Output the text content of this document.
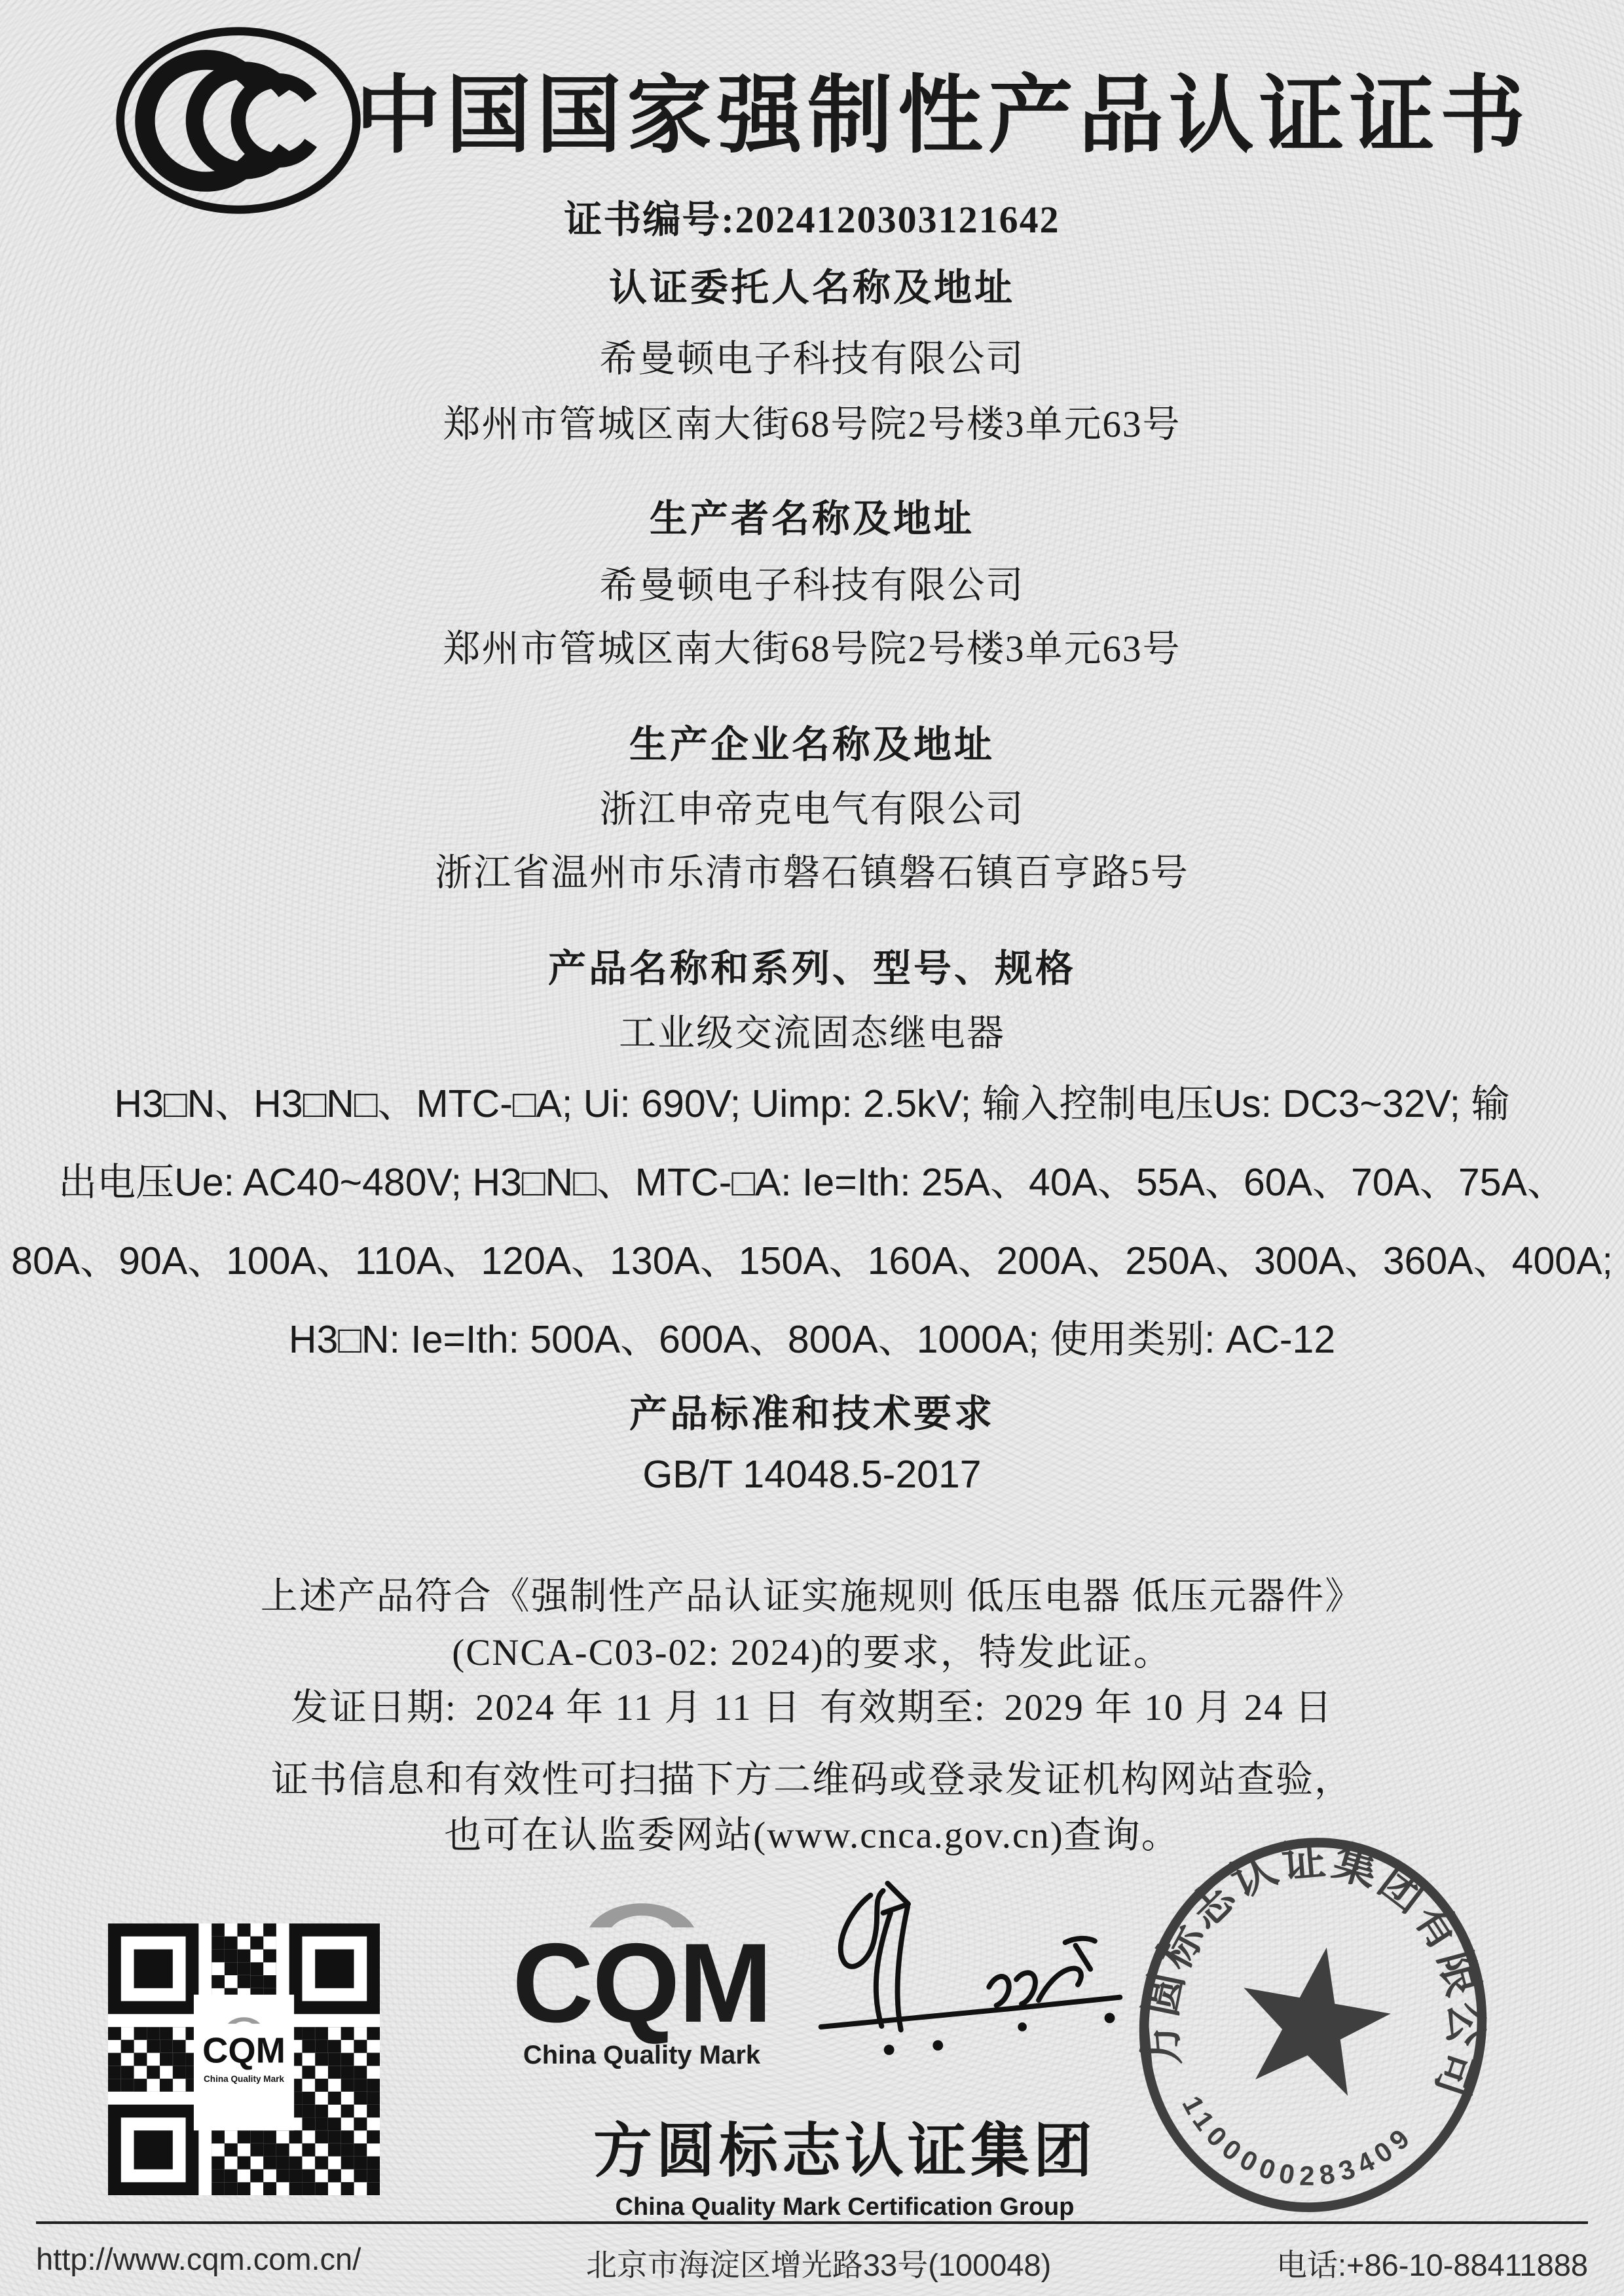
中国国家强制性产品认证证书
证书编号:2024120303121642
认证委托人名称及地址
希曼顿电子科技有限公司
郑州市管城区南大街68号院2号楼3单元63号
生产者名称及地址
希曼顿电子科技有限公司
郑州市管城区南大街68号院2号楼3单元63号
生产企业名称及地址
浙江申帝克电气有限公司
浙江省温州市乐清市磐石镇磐石镇百亨路5号
产品名称和系列、型号、规格
工业级交流固态继电器
H3□N、H3□N□、MTC-□A; Ui: 690V; Uimp: 2.5kV; 输入控制电压Us: DC3~32V; 输
出电压Ue: AC40~480V; H3□N□、MTC-□A: Ie=Ith: 25A、40A、55A、60A、70A、75A、
80A、90A、100A、110A、120A、130A、150A、160A、200A、250A、300A、360A、400A;
H3□N: Ie=Ith: 500A、600A、800A、1000A; 使用类别: AC-12
产品标准和技术要求
GB/T 14048.5-2017
上述产品符合《强制性产品认证实施规则 低压电器 低压元器件》
(CNCA-C03-02: 2024)的要求，特发此证。
发证日期: 2024 年 11 月 11 日 有效期至: 2029 年 10 月 24 日
证书信息和有效性可扫描下方二维码或登录发证机构网站查验，
也可在认监委网站(www.cnca.gov.cn)查询。
CQM
China Quality Mark
CQM
China Quality Mark
方圆标志认证集团
China Quality Mark Certification Group
方圆标志认证集团有限公司
1100000283409
http://www.cqm.com.cn/	北京市海淀区增光路33号(100048)	电话:+86-10-88411888
